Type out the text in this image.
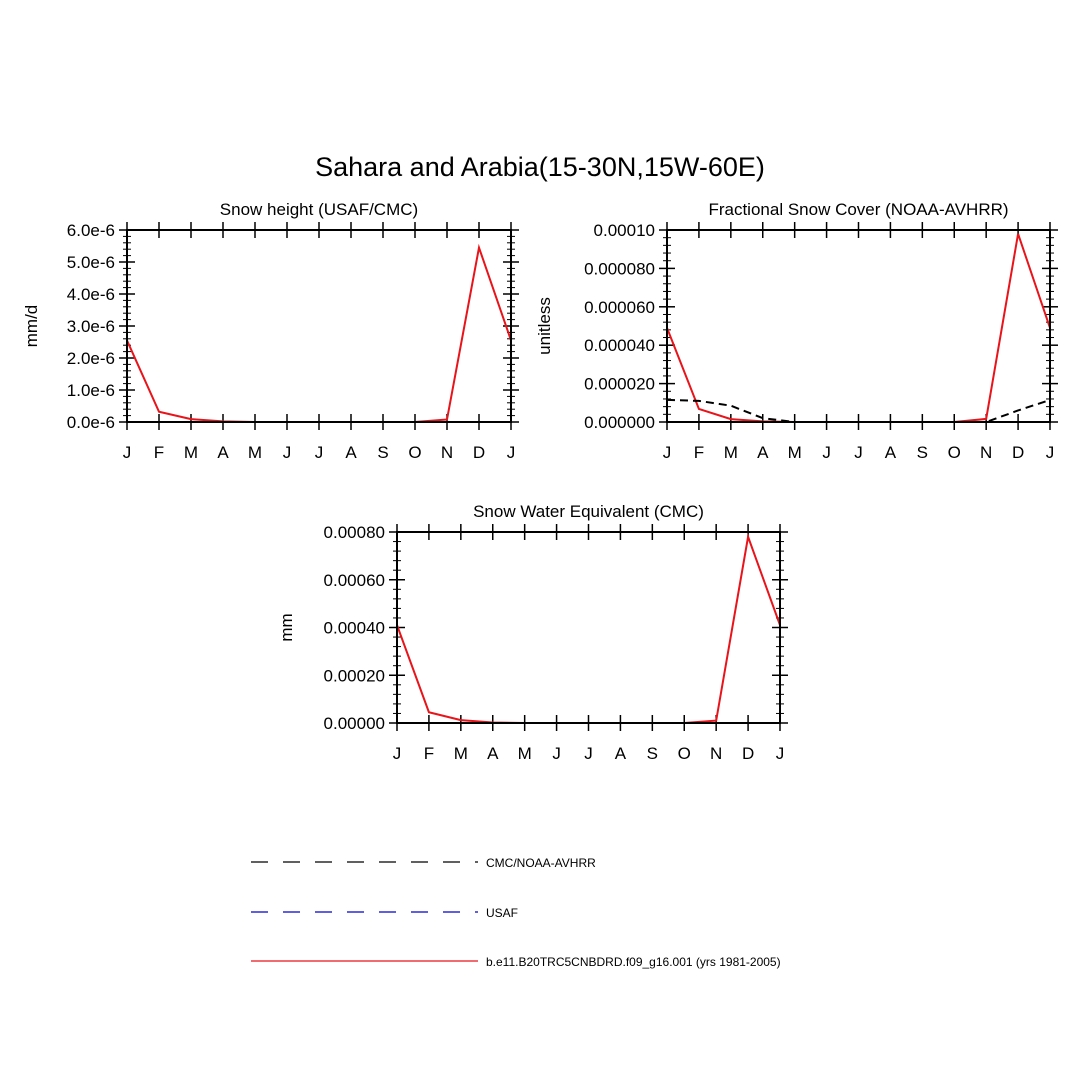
Sahara and Arabia(15-30N,15W-60E)
Snow height (USAF/CMC)
mm/d
0.0e-6
1.0e-6
2.0e-6
3.0e-6
4.0e-6
5.0e-6
6.0e-6
J F M A M J J A S O N D J
Fractional Snow Cover (NOAA-AVHRR)
unitless
0.000000
0.000020
0.000040
0.000060
0.000080
0.00010
J F M A M J J A S O N D J
Snow Water Equivalent (CMC)
mm
0.00000
0.00020
0.00040
0.00060
0.00080
J F M A M J J A S O N D J
CMC/NOAA-AVHRR
USAF
b.e11.B20TRC5CNBDRD.f09_g16.001 (yrs 1981-2005)
